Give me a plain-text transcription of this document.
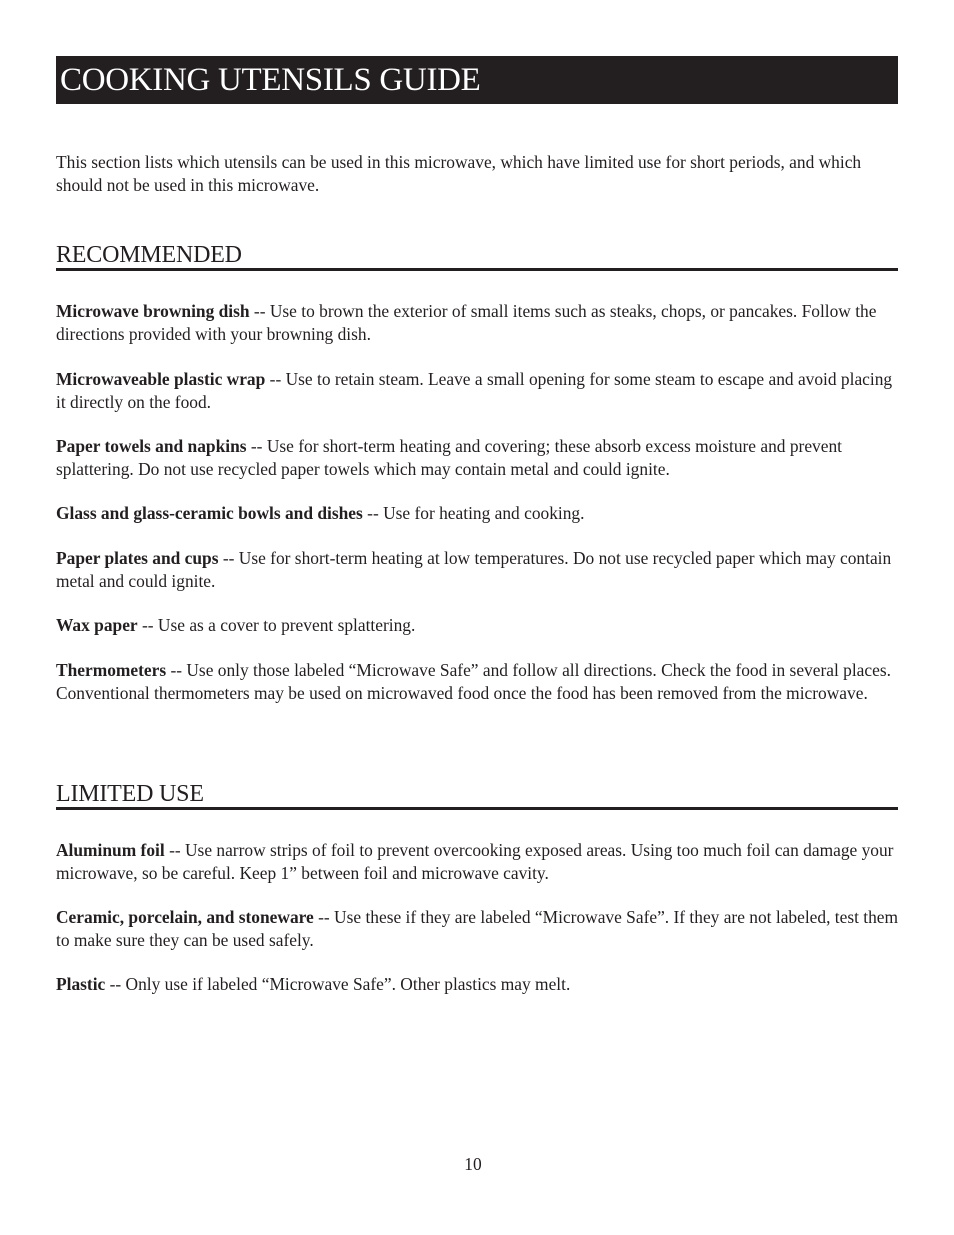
COOKING UTENSILS GUIDE

This section lists which utensils can be used in this microwave, which have limited use for short periods, and which should not be used in this microwave.

RECOMMENDED

Microwave browning dish -- Use to brown the exterior of small items such as steaks, chops, or pancakes. Follow the directions provided with your browning dish.

Microwaveable plastic wrap -- Use to retain steam. Leave a small opening for some steam to escape and avoid placing it directly on the food.

Paper towels and napkins -- Use for short-term heating and covering; these absorb excess moisture and prevent splattering. Do not use recycled paper towels which may contain metal and could ignite.

Glass and glass-ceramic bowls and dishes -- Use for heating and cooking.

Paper plates and cups -- Use for short-term heating at low temperatures. Do not use recycled paper which may contain metal and could ignite.

Wax paper -- Use as a cover to prevent splattering.

Thermometers -- Use only those labeled “Microwave Safe” and follow all directions. Check the food in several places. Conventional thermometers may be used on microwaved food once the food has been removed from the microwave.

LIMITED USE

Aluminum foil -- Use narrow strips of foil to prevent overcooking exposed areas. Using too much foil can damage your microwave, so be careful. Keep 1” between foil and microwave cavity.

Ceramic, porcelain, and stoneware -- Use these if they are labeled “Microwave Safe”. If they are not labeled, test them to make sure they can be used safely.

Plastic -- Only use if labeled “Microwave Safe”. Other plastics may melt.

10
